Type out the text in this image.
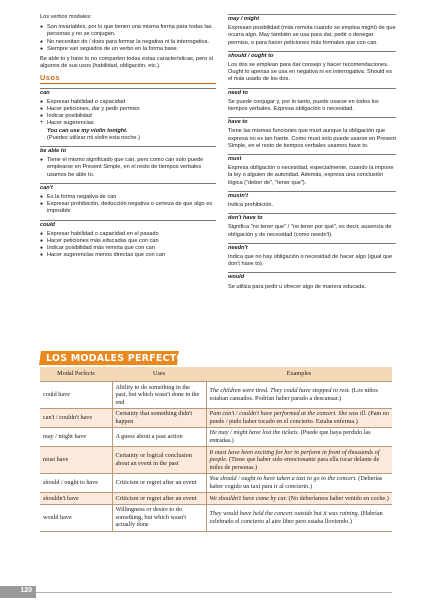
Los verbos modales:

● Son invariables, por lo que tienen una misma forma para todas las personas y no se conjugan.
● No necesitan do / does para formar la negativa ni la interrogativa.
● Siempre van seguidos de un verbo en la forma base.

Be able to y have to no comparten todas estas características, pero sí algunos de sus usos (habilidad, obligación, etc.).

Usos
can
● Expresar habilidad o capacidad
● Hacer peticiones, dar y pedir permiso
● Indicar posibilidad
+ Hacer sugerencias
You can use my violin tonight.
(Puedes utilizar mi violín esta noche.)
be able to
● Tiene el mismo significado que can, pero como can solo puede emplearse en Present Simple, en el resto de tiempos verbales usamos be able to.
can't
● Es la forma negativa de can
● Expresar prohibición, deducción negativa o certeza de que algo es imposible
could
● Expresar habilidad o capacidad en el pasado
● Hacer peticiones más educadas que con can
● Indicar posibilidad más remota que con can
● Hacer sugerencias menos directas que con can
may / might

Expresan posibilidad (más remota cuando se emplea might) de que ocurra algo. May también se usa para dar, pedir o denegar permiso, o para hacer peticiones más formales que con can.

should / ought to

Los dos se emplean para dar consejo y hacer recomendaciones. Ought to apenas se usa en negativa ni en interrogativa. Should es el más usado de los dos.

need to

Se puede conjugar y, por lo tanto, puede usarse en todos los tiempos verbales. Expresa obligación o necesidad.

have to

Tiene las mismas funciones que must aunque la obligación que expresa no es tan fuerte. Como must solo puede usarse en Present Simple, en el resto de tiempos verbales usamos have to.

must

Expresa obligación o necesidad, especialmente, cuando la impone la ley o alguien de autoridad. Además, expresa una conclusión lógica ("deber de", "tener que").

mustn't

Indica prohibición.

don't have to

Significa "no tener que" / "no tener por qué", es decir, ausencia de obligación y de necesidad (como needn't).

needn't

Indica que no hay obligación o necesidad de hacer algo (igual que don't have to).

would

Se utiliza para pedir u ofrecer algo de manera educada.

LOS MODALES PERFECTOS
Modal Perfects	Uses	Examples
could have	Ability to do something in the past, but which wasn't done in the end	The children were tired. They could have stopped to rest. (Los niños estaban cansados. Podrían haber parado a descansar.)
can't / couldn't have	Certainty that something didn't happen	Pam can't / couldn't have performed at the concert. She was ill. (Pam no puede / pudo haber tocado en el concierto. Estaba enferma.)
may / might have	A guess about a past action	He may / might have lost the tickets. (Puede que haya perdido las entradas.)
must have	Certainty or logical conclusion about an event in the past	It must have been exciting for her to perform in front of thousands of people. (Tiene que haber sido emocionante para ella tocar delante de miles de personas.)
should / ought to have	Criticism or regret after an event	You should / ought to have taken a taxi to go to the concert. (Deberías haber cogido un taxi para ir al concierto.)
shouldn't have	Criticism or regret after an event	We shouldn't have come by car. (No deberíamos haber venido en coche.)
would have	Willingness or desire to do something, but which wasn't actually done	They would have held the concert outside but it was raining. (Habrían celebrado el concierto al aire libre pero estaba lloviendo.)
120
